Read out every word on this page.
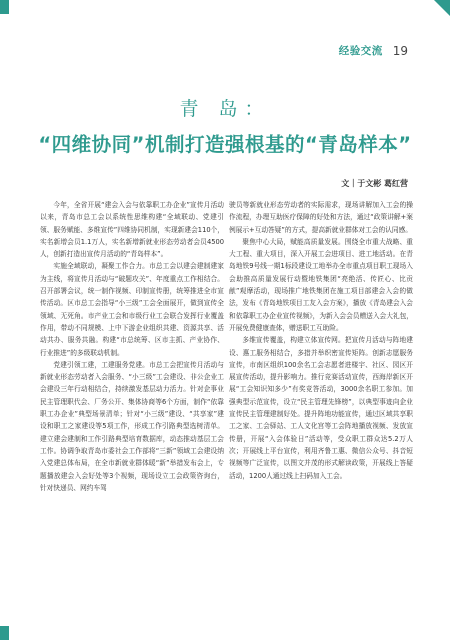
经验交流 19
青 岛：
“四维协同”机制打造强根基的“青岛样本”
文｜于文彬 葛红营

今年，全省开展“建会入会与依靠职工办企业”宣传月活动以来，青岛市总工会以系统性思维构建“全域联动、党建引领、服务赋能、多维宣传”四维协同机制，实现新建会110个，实名新增会员1.1万人，实名新增新就业形态劳动者会员4500人，创新打造出宣传月活动的“青岛样本”。

实施全域联动，凝聚工作合力。市总工会以建会建制建家为主线，将宣传月活动与“破题攻关”、年度重点工作相结合。召开部署会议，统一制作视频、印制宣传册，统筹推进全市宣传活动。区市总工会指导“小三级”工会全面展开，做到宣传全领域、无死角。市产业工会和市级行业工会联合发挥行业覆盖作用，带动不同规模、上中下游企业组织共建、资源共享、活动共办、服务共融。构建“市总统筹、区市主抓、产业协作、行业推进”的多级联动机制。

党建引领工建，工建服务党建。市总工会把宣传月活动与新就业形态劳动者入会服务、“小三级”工会建设、非公企业工会建设三年行动相结合，持续激发基层动力活力。针对企事业民主管理职代会、厂务公开、集体协商等6个方面，制作“依靠职工办企业”典型场景清单；针对“小三级”建设、“共享家”建设和职工之家建设等5项工作，形成工作引路典型选树清单。建立建会建制和工作引路典型培育数据库，动态推动基层工会工作。协调争取青岛市委社会工作部将“三新”领域工会建设纳入党建总体布局，在全市新就业群体暖“新”举措发布会上，专题播放建会入会好处等3个视频，现场设立工会政策咨询台，针对快递员、网约车驾

驶员等新就业形态劳动者的实际需求，现场讲解加入工会的操作流程，办理互助医疗保障的好处和方法，通过“政策讲解+案例展示+互动答疑”的方式，提高新就业群体对工会的认同感。

聚焦中心大局，赋能高质量发展。围绕全市重大战略、重大工程、重大项目，深入开展工会进项目、进工地活动。在青岛地铁9号线一期1标段建设工地举办全市重点项目职工现场入会助推高质量发展行动暨地铁集团“亮绝活、传匠心、比贡献”观摩活动，现场推广地铁集团在施工项目部建会入会的做法，发布《青岛地铁项目工友入会方案》，播放《青岛建会入会和依靠职工办企业宣传视频》，为新入会会员赠送入会大礼包，开展免费健康查体，赠送职工互助险。

多维宣传覆盖，构建立体宣传网。把宣传月活动与阵地建设、惠工服务相结合，多措并举织密宣传矩阵。创新志愿服务宣传，市南区组织100余名工会志愿者进楼宇、社区、园区开展宣传活动，提升影响力。推行竞赛活动宣传，西海岸新区开展“工会知识知多少”有奖竞答活动，3000余名职工参加。加强典型示范宣传，设立“民主管理先锋榜”，以典型事迹向企业宣传民主管理建制好处。提升阵地功能宣传，通过区域共享职工之家、工会驿站、工人文化宫等工会阵地播放视频、发放宣传册，开展“入会体验日”活动等，受众职工群众达5.2万人次；开展线上平台宣传，利用齐鲁工惠、微信公众号、抖音短视频等广泛宣传，以图文并茂的形式解读政策，开展线上答疑活动，1200人通过线上扫码加入工会。
